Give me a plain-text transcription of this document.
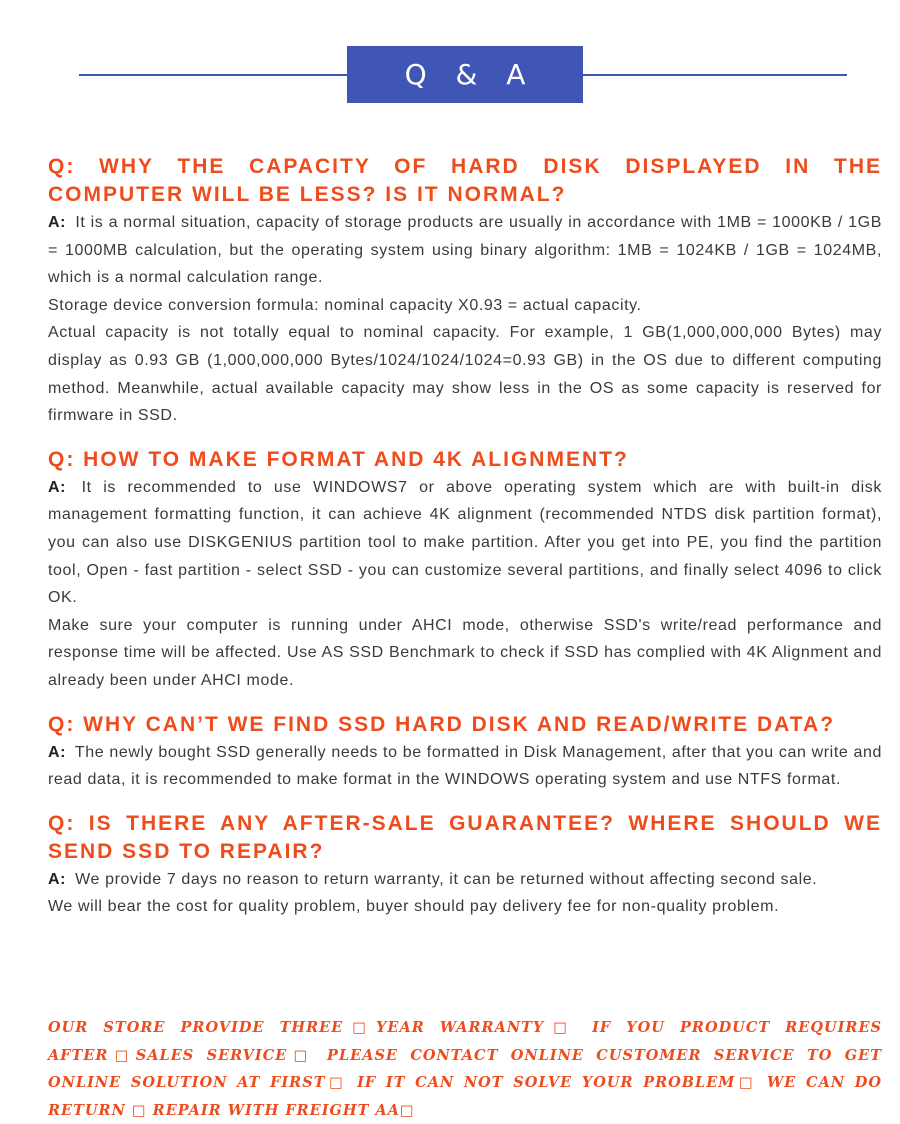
Q & A
Q: WHY THE CAPACITY OF HARD DISK DISPLAYED IN THE COMPUTER WILL BE LESS? IS IT NORMAL?

A: It is a normal situation, capacity of storage products are usually in accordance with 1MB = 1000KB / 1GB = 1000MB calculation, but the operating system using binary algorithm: 1MB = 1024KB / 1GB = 1024MB, which is a normal calculation range.

Storage device conversion formula: nominal capacity X0.93 = actual capacity.

Actual capacity is not totally equal to nominal capacity. For example, 1 GB(1,000,000,000 Bytes) may display as 0.93 GB (1,000,000,000 Bytes/1024/1024/1024=0.93 GB) in the OS due to different computing method. Meanwhile, actual available capacity may show less in the OS as some capacity is reserved for firmware in SSD.

Q: HOW TO MAKE FORMAT AND 4K ALIGNMENT?

A: It is recommended to use WINDOWS7 or above operating system which are with built-in disk management formatting function, it can achieve 4K alignment (recommended NTDS disk partition format), you can also use DISKGENIUS partition tool to make partition. After you get into PE, you find the partition tool, Open - fast partition - select SSD - you can customize several partitions, and finally select 4096 to click OK.

Make sure your computer is running under AHCI mode, otherwise SSD's write/read performance and response time will be affected. Use AS SSD Benchmark to check if SSD has complied with 4K Alignment and already been under AHCI mode.

Q: WHY CAN’T WE FIND SSD HARD DISK AND READ/WRITE DATA?

A: The newly bought SSD generally needs to be formatted in Disk Management, after that you can write and read data, it is recommended to make format in the WINDOWS operating system and use NTFS format.

Q: IS THERE ANY AFTER-SALE GUARANTEE? WHERE SHOULD WE SEND SSD TO REPAIR?

A: We provide 7 days no reason to return warranty, it can be returned without affecting second sale.

We will bear the cost for quality problem, buyer should pay delivery fee for non-quality problem.

OUR STORE PROVIDE THREE□YEAR WARRANTY□ IF YOU PRODUCT REQUIRES AFTER□SALES SERVICE□ PLEASE CONTACT ONLINE CUSTOMER SERVICE TO GET ONLINE SOLUTION AT FIRST□ IF IT CAN NOT SOLVE YOUR PROBLEM□ WE CAN DO RETURN □ REPAIR WITH FREIGHT AA□
